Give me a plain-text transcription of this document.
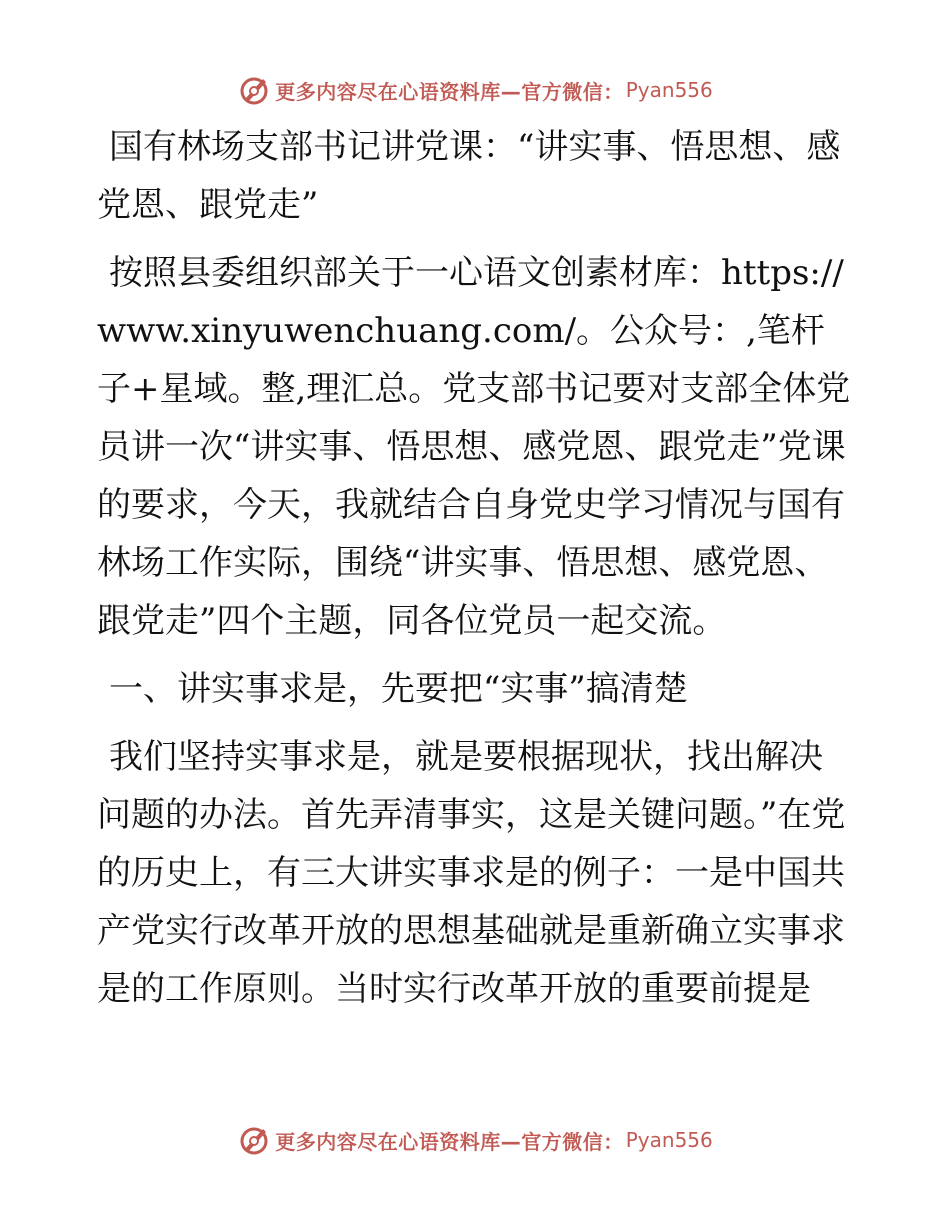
更多内容尽在心语资料库—官方微信： Pyan556

国有林场支部书记讲党课：“讲实事、悟思想、感党恩、跟党走”

按照县委组织部关于一心语文创素材库：https://www.xinyuwenchuang.com/。公众号：,笔杆子+星域。整,理汇总。党支部书记要对支部全体党员讲一次“讲实事、悟思想、感党恩、跟党走”党课的要求，今天，我就结合自身党史学习情况与国有林场工作实际，围绕“讲实事、悟思想、感党恩、跟党走”四个主题，同各位党员一起交流。

一、讲实事求是，先要把“实事”搞清楚

我们坚持实事求是，就是要根据现状，找出解决问题的办法。首先弄清事实，这是关键问题。”在党的历史上，有三大讲实事求是的例子：一是中国共产党实行改革开放的思想基础就是重新确立实事求是的工作原则。当时实行改革开放的重要前提是

更多内容尽在心语资料库—官方微信： Pyan556
